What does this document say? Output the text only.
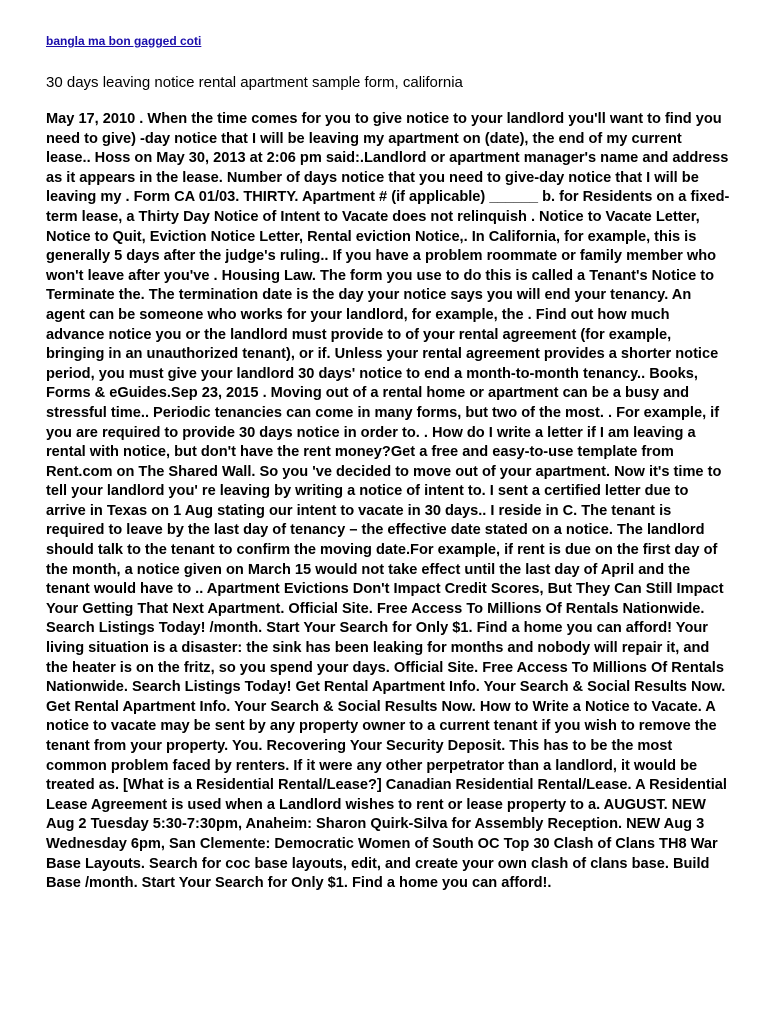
bangla ma bon gagged coti
30 days leaving notice rental apartment sample form, california

May 17, 2010 . When the time comes for you to give notice to your landlord you'll want to find you need to give) -day notice that I will be leaving my apartment on (date), the end of my current lease.. Hoss on May 30, 2013 at 2:06 pm said:.Landlord or apartment manager's name and address as it appears in the lease. Number of days notice that you need to give-day notice that I will be leaving my . Form CA 01/03. THIRTY. Apartment # (if applicable) ______ b. for Residents on a fixed-term lease, a Thirty Day Notice of Intent to Vacate does not relinquish . Notice to Vacate Letter, Notice to Quit, Eviction Notice Letter, Rental eviction Notice,. In California, for example, this is generally 5 days after the judge's ruling.. If you have a problem roommate or family member who won't leave after you've . Housing Law. The form you use to do this is called a Tenant's Notice to Terminate the. The termination date is the day your notice says you will end your tenancy. An agent can be someone who works for your landlord, for example, the . Find out how much advance notice you or the landlord must provide to of your rental agreement (for example, bringing in an unauthorized tenant), or if. Unless your rental agreement provides a shorter notice period, you must give your landlord 30 days' notice to end a month-to-month tenancy.. Books, Forms & eGuides.Sep 23, 2015 . Moving out of a rental home or apartment can be a busy and stressful time.. Periodic tenancies can come in many forms, but two of the most. . For example, if you are required to provide 30 days notice in order to. . How do I write a letter if I am leaving a rental with notice, but don't have the rent money?Get a free and easy-to-use template from Rent.com on The Shared Wall. So you 've decided to move out of your apartment. Now it's time to tell your landlord you' re leaving by writing a notice of intent to. I sent a certified letter due to arrive in Texas on 1 Aug stating our intent to vacate in 30 days.. I reside in C. The tenant is required to leave by the last day of tenancy – the effective date stated on a notice. The landlord should talk to the tenant to confirm the moving date.For example, if rent is due on the first day of the month, a notice given on March 15 would not take effect until the last day of April and the tenant would have to .. Apartment Evictions Don't Impact Credit Scores, But They Can Still Impact Your Getting That Next Apartment. Official Site. Free Access To Millions Of Rentals Nationwide. Search Listings Today! /month. Start Your Search for Only $1. Find a home you can afford! Your living situation is a disaster: the sink has been leaking for months and nobody will repair it, and the heater is on the fritz, so you spend your days. Official Site. Free Access To Millions Of Rentals Nationwide. Search Listings Today! Get Rental Apartment Info. Your Search & Social Results Now. Get Rental Apartment Info. Your Search & Social Results Now. How to Write a Notice to Vacate. A notice to vacate may be sent by any property owner to a current tenant if you wish to remove the tenant from your property. You. Recovering Your Security Deposit. This has to be the most common problem faced by renters. If it were any other perpetrator than a landlord, it would be treated as. [What is a Residential Rental/Lease?] Canadian Residential Rental/Lease. A Residential Lease Agreement is used when a Landlord wishes to rent or lease property to a. AUGUST. NEW Aug 2 Tuesday 5:30-7:30pm, Anaheim: Sharon Quirk-Silva for Assembly Reception. NEW Aug 3 Wednesday 6pm, San Clemente: Democratic Women of South OC Top 30 Clash of Clans TH8 War Base Layouts. Search for coc base layouts, edit, and create your own clash of clans base. Build Base /month. Start Your Search for Only $1. Find a home you can afford!.
